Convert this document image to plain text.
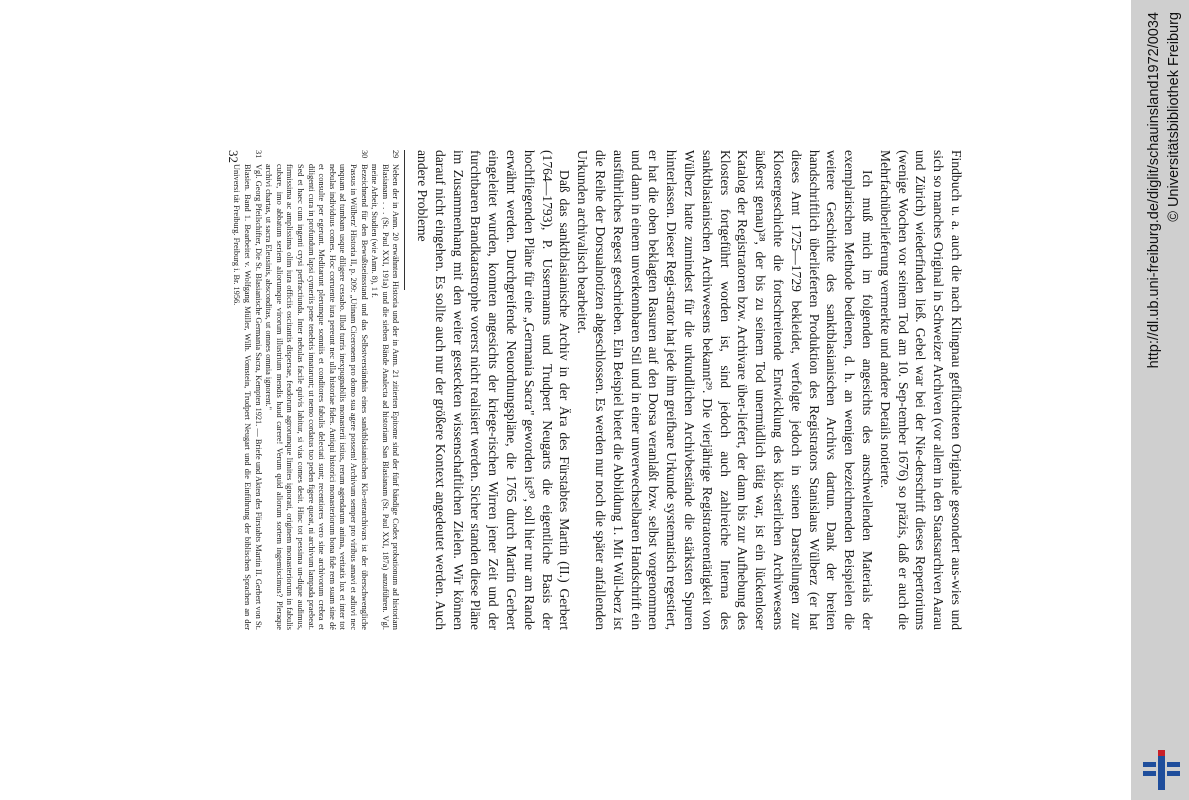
Findbuch u. a. auch die nach Klingnau geflüchteten Originale gesondert aus-wies und sich so manches Original in Schweizer Archiven (vor allem in den Staatsarchiven Aarau und Zürich) wiederfinden ließ. Gebel war bei der Nie-derschrift dieses Repertoriums (wenige Wochen vor seinem Tod am 10. Sep-tember 1676) so präzis, daß er auch die Mehrfachüberlieferung vermerkte und andere Details notierte.

Ich muß mich im folgenden angesichts des anschwellenden Materials der exemplarischen Methode bedienen, d. h. an wenigen bezeichnenden Beispielen die weitere Geschichte des sanktblasianischen Archivs dartun. Dank der breiten handschriftlich überlieferten Produktion des Registrators Stanislaus Wülberz (er hat dieses Amt 1725—1729 bekleidet, verfolgte jedoch in seinen Darstellungen zur Klostergeschichte die fortschreitende Entwicklung des klö-sterlichen Archivwesens äußerst genau)²⁸, der bis zu seinem Tod unermüdlich tätig war, ist ein lückenloser Katalog der Registratoren bzw. Archivare über-liefert, der dann bis zur Aufhebung des Klosters fortgeführt worden ist, sind jedoch auch zahlreiche Interna des sanktblasianischen Archivwesens bekannt²⁹. Die vierjährige Registratorentätigkeit von Wülberz hatte zumindest für die urkundlichen Archivbestände die stärksten Spuren hinterlassen. Dieser Regi-strator hat jede ihm greifbare Urkunde systematisch regestiert, er hat die oben beklagten Rasuren auf den Dorsa veranlaßt bzw. selbst vorgenommen und dann in einem unverkennbaren Stil und in einer unverwechselbaren Handschrift ein ausführliches Regest geschrieben. Ein Beispiel bietet die Abbildung 1. Mit Wül-berz ist die Reihe der Dorsualnotizen abgeschlossen. Es werden nur noch die später anfallenden Urkunden archivalisch bearbeitet.

Daß das sanktblasianische Archiv in der Ära des Fürstabtes Martin (II.) Gerbert (1764—1793), P. Ussermanns und Trudpert Neugarts die eigentliche Basis der hochfliegenden Pläne für eine „Germania Sacra" geworden ist³⁰, soll hier nur am Rande erwähnt werden. Durchgreifende Neuordnungspläne, die 1765 durch Martin Gerbert eingeleitet wurden, konnten angesichts der kriege-rischen Wirren jener Zeit und der furchtbaren Brandkatastrophe vorerst nicht realisiert werden. Sicher standen diese Pläne im Zusammenhang mit den weiter gesteckten wissenschaftlichen Zielen. Wir können darauf nicht eingehen. Es sollte auch nur der größere Kontext angedeutet werden. Auch andere Probleme

29
Neben der in Anm. 20 erwähnten Historia und der in Anm. 21 zitierten Epitome sind der fünf bändige Codex probationum ad historiam Blasianam . . . (St. Paul XXI, 191a) und die sieben Bände Analecta ad historiam San Blasianam (St. Paul XXI, 187a) anzuführen. Vgl. meine Arbeit, Studien (wie Anm. 8), 1 f.
30
Bezeichnend für den Bewußtseinsstand und das Selbstverständnis eines sanktblasianischen Klo-sterarchivars ist der überschwengliche Passus in Wülberz' Historia II, p. 209: „Utinam Ciceronem pro domo sua agere possem! Archivum semper pro viribus amavi et adiuvi nec unquam ad tumbam usque diligere cessabo. Illud turris inexpugnabilis monasterii istius, rerum agendarum anima, veritatis lux et inter tot nebulas individuus comes. Hoc corruente iura pereunt nec ulla historiae fides. Antiqui historici monasteriorum bona fide rem suam sine dé et consulte per egerunt. Meditarunt plerumque somniis et conditores fabulis delectati sunt; recentiores vero sine archivorum crebra et diligenti cura in profundum lapsi cymeriis pene tenebris innatarunt; ut nemo cordatus tuo peden figere queat, ni archivum lampada praebeat. Sed et haec cum ingenti crysi perfractiunda. Inter nebulas facile quivis labitur, si vias comes desit. Hinc tot pessima un-dique audimus, firmissima ac amplissima olim iura officiis oscitantis dispersae, feudorum agrorumque limites ignorati, originem monasteriorum in fabulis cubare, imo abbatum seriem aliorumque virorum illustrium mendis haud carere! Verum quid aliorum sortem ingemiscimus? Pleraque archivi chartas, ut sacra Eleusinis, absconditas, ut omnes omnia ignorent."
31
Vgl. Georg Pfeilschifter, Die St. Blasianische Germania Sacra, Kempten 1921. — Briefe und Akten des Fürstabts Martin II. Gerbert von St. Blasien. Band 1. Bearbeitet v. Wolfgang Müller, Wilh. Vomstein, Trudpert Neugart und die Einführung der biblischen Sprachen an der Universi tät Freiburg. Freiburg i. Br. 1956.
32	http://dl.ub.uni-freiburg.de/diglit/schauinsland1972/0034 © Universitätsbibliothek Freiburg
